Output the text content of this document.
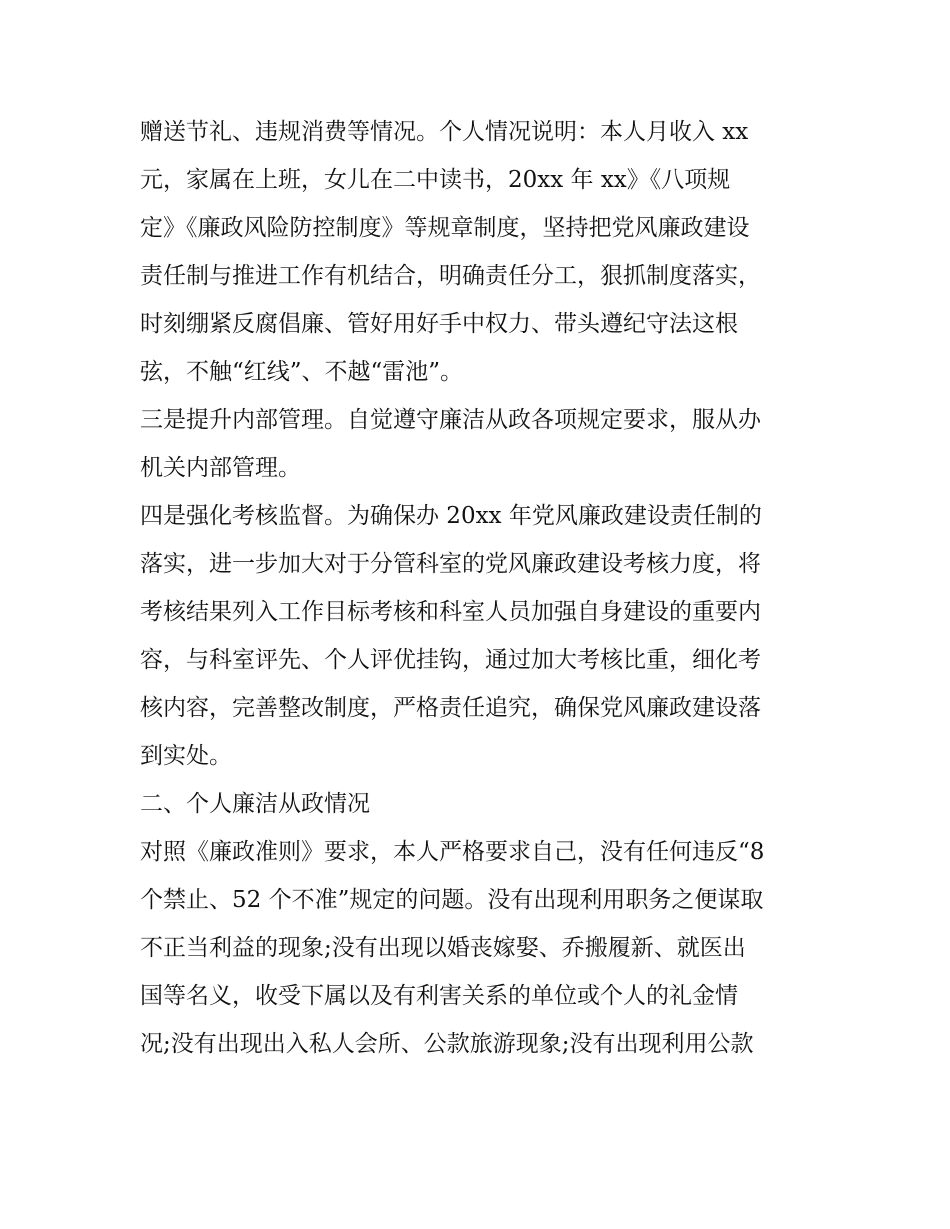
赠送节礼、违规消费等情况。个人情况说明：本人月收入 xx
元，家属在上班，女儿在二中读书，20xx 年 xx》《八项规
定》《廉政风险防控制度》等规章制度，坚持把党风廉政建设
责任制与推进工作有机结合，明确责任分工，狠抓制度落实，
时刻绷紧反腐倡廉、管好用好手中权力、带头遵纪守法这根
弦，不触“红线”、不越“雷池”。
三是提升内部管理。自觉遵守廉洁从政各项规定要求，服从办
机关内部管理。
四是强化考核监督。为确保办 20xx 年党风廉政建设责任制的
落实，进一步加大对于分管科室的党风廉政建设考核力度，将
考核结果列入工作目标考核和科室人员加强自身建设的重要内
容，与科室评先、个人评优挂钩，通过加大考核比重，细化考
核内容，完善整改制度，严格责任追究，确保党风廉政建设落
到实处。
二、个人廉洁从政情况
对照《廉政准则》要求，本人严格要求自己，没有任何违反“8
个禁止、52 个不准”规定的问题。没有出现利用职务之便谋取
不正当利益的现象;没有出现以婚丧嫁娶、乔搬履新、就医出
国等名义，收受下属以及有利害关系的单位或个人的礼金情
况;没有出现出入私人会所、公款旅游现象;没有出现利用公款
